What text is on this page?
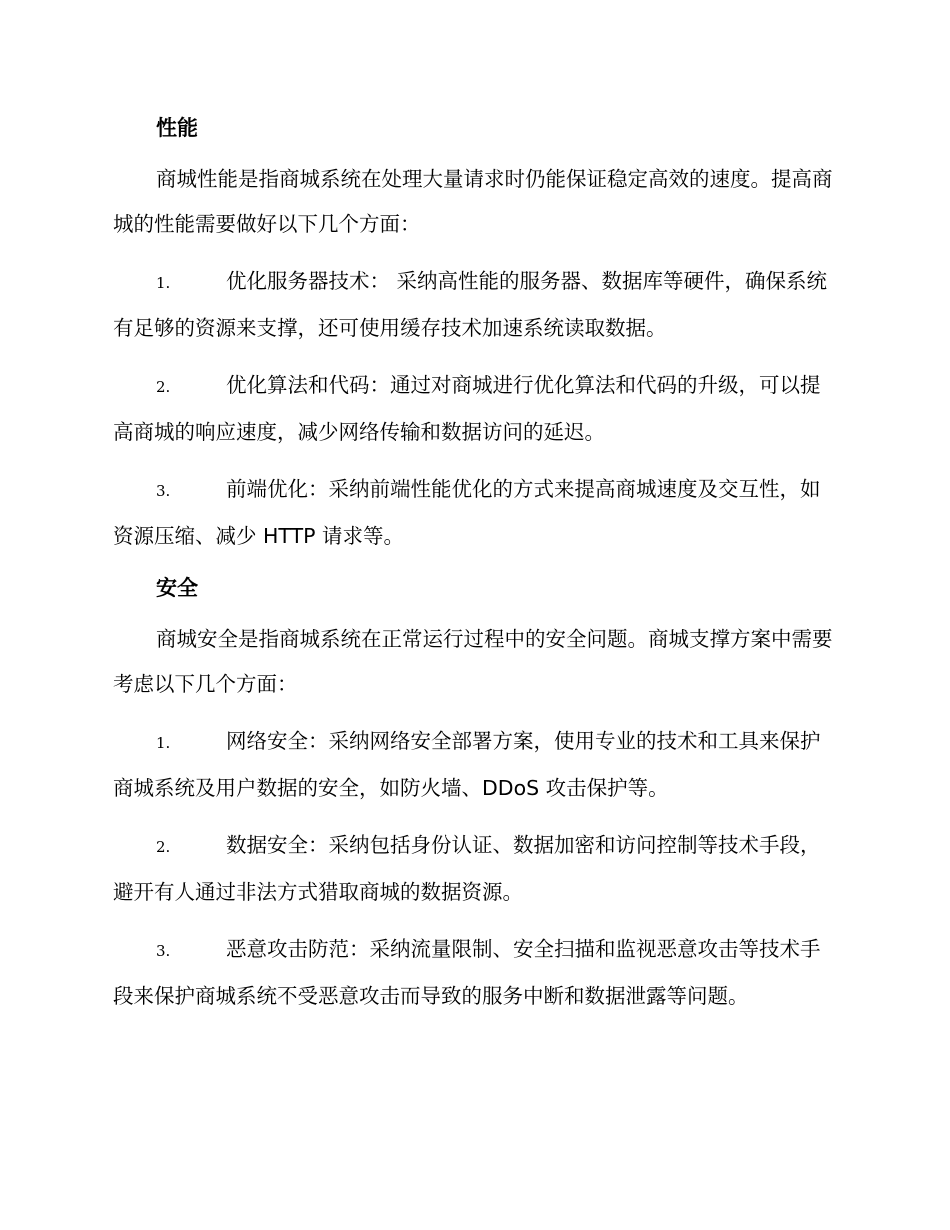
性能

商城性能是指商城系统在处理大量请求时仍能保证稳定高效的速度。提高商城的性能需要做好以下几个方面：

1.	优化服务器技术： 采纳高性能的服务器、数据库等硬件，确保系统有足够的资源来支撑，还可使用缓存技术加速系统读取数据。

2.	优化算法和代码：通过对商城进行优化算法和代码的升级，可以提高商城的响应速度，减少网络传输和数据访问的延迟。

3.	前端优化：采纳前端性能优化的方式来提高商城速度及交互性，如资源压缩、减少 HTTP 请求等。

安全

商城安全是指商城系统在正常运行过程中的安全问题。商城支撑方案中需要考虑以下几个方面：

1.	网络安全：采纳网络安全部署方案，使用专业的技术和工具来保护商城系统及用户数据的安全，如防火墙、DDoS 攻击保护等。

2.	数据安全：采纳包括身份认证、数据加密和访问控制等技术手段，避开有人通过非法方式猎取商城的数据资源。

3.	恶意攻击防范：采纳流量限制、安全扫描和监视恶意攻击等技术手段来保护商城系统不受恶意攻击而导致的服务中断和数据泄露等问题。
